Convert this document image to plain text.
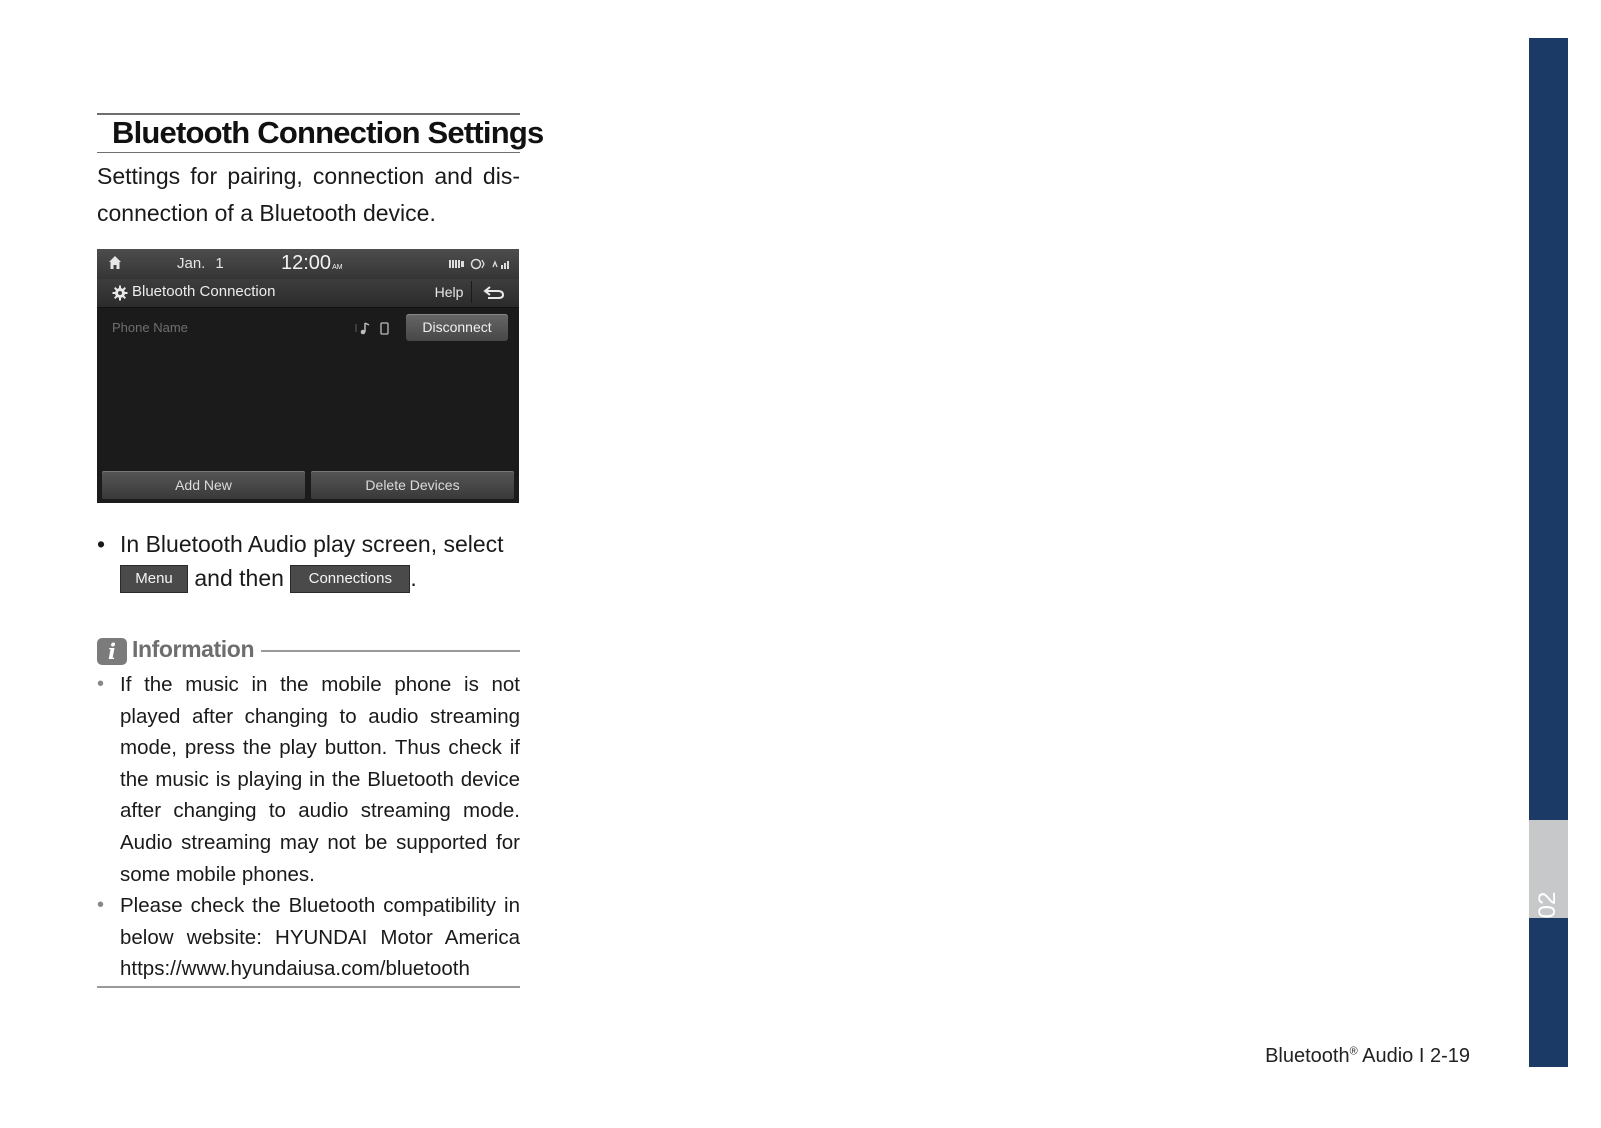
Bluetooth Connection Settings

Settings for pairing, connection and dis-connection of a Bluetooth device.

Jan. 1	12:00AM
Bluetooth Connection	Help
Phone Name	Disconnect
Add New	Delete Devices
• In Bluetooth Audio play screen, select
Menu and then Connections .
i Information
• If the music in the mobile phone is not played after changing to audio streaming mode, press the play button. Thus check if the music is playing in the Bluetooth device after changing to audio streaming mode. Audio streaming may not be supported for some mobile phones.
• Please check the Bluetooth compatibility in below website: HYUNDAI Motor America https://www.hyundaiusa.com/bluetooth
02
Bluetooth® Audio I 2-19
